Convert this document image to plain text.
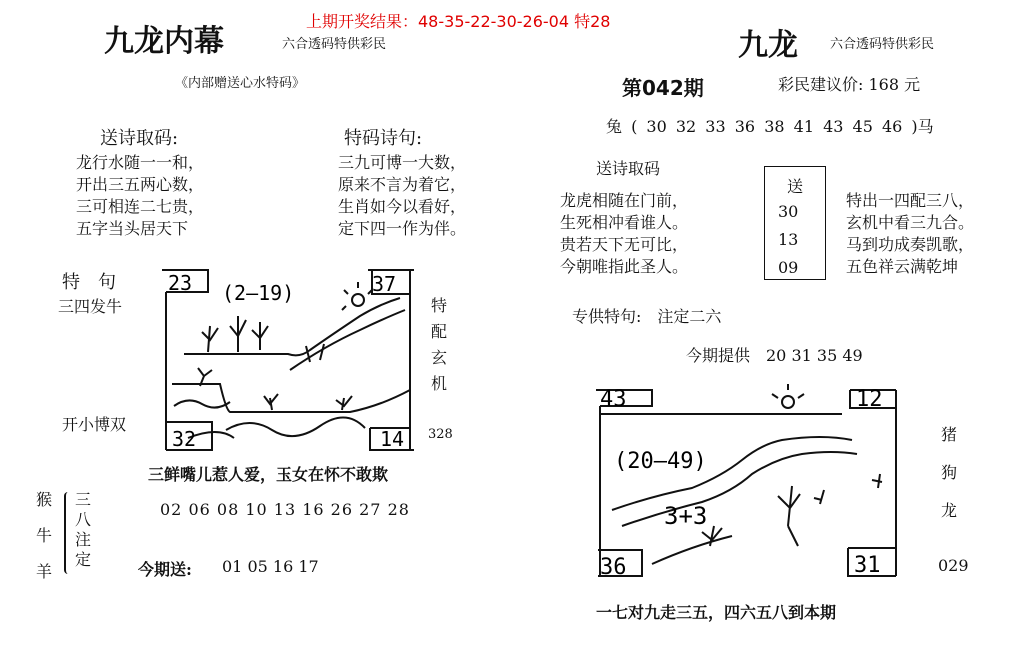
九龙内幕	六合透码特供彩民
上期开奖结果：48-35-22-30-26-04 特28
九龙 六合透码特供彩民
《内部赠送心水特码》
送诗取码:
龙行水随一一和，
开出三五两心数，
三可相连二七贵，
五字当头居天下
特码诗句:
三九可博一大数，
原来不言为着它，
生肖如今以看好，
定下四一作为伴。
特　句
三四发牛
开小博双
23	37
32	14
(2—19)
特配玄机
328
三鲜嘴儿惹人爱，玉女在怀不敢欺
猴
牛
羊
三八注定
02 06 08 10 13 16 26 27 28
今期送: 01 05 16 17
第042期	彩民建议价: 168 元
兔 ( 30 32 33 36 38 41 43 45 46 )马
送诗取码
龙虎相随在门前，
生死相冲看谁人。
贵若天下无可比，
今朝唯指此圣人。
送
30
13
09
特出一四配三八，
玄机中看三九合。
马到功成奏凯歌，
五色祥云满乾坤
专供特句:　注定二六
今期提供　20 31 35 49
43	12
36	31
(20—49)
3+3
猪
狗
龙
029
一七对九走三五，四六五八到本期
